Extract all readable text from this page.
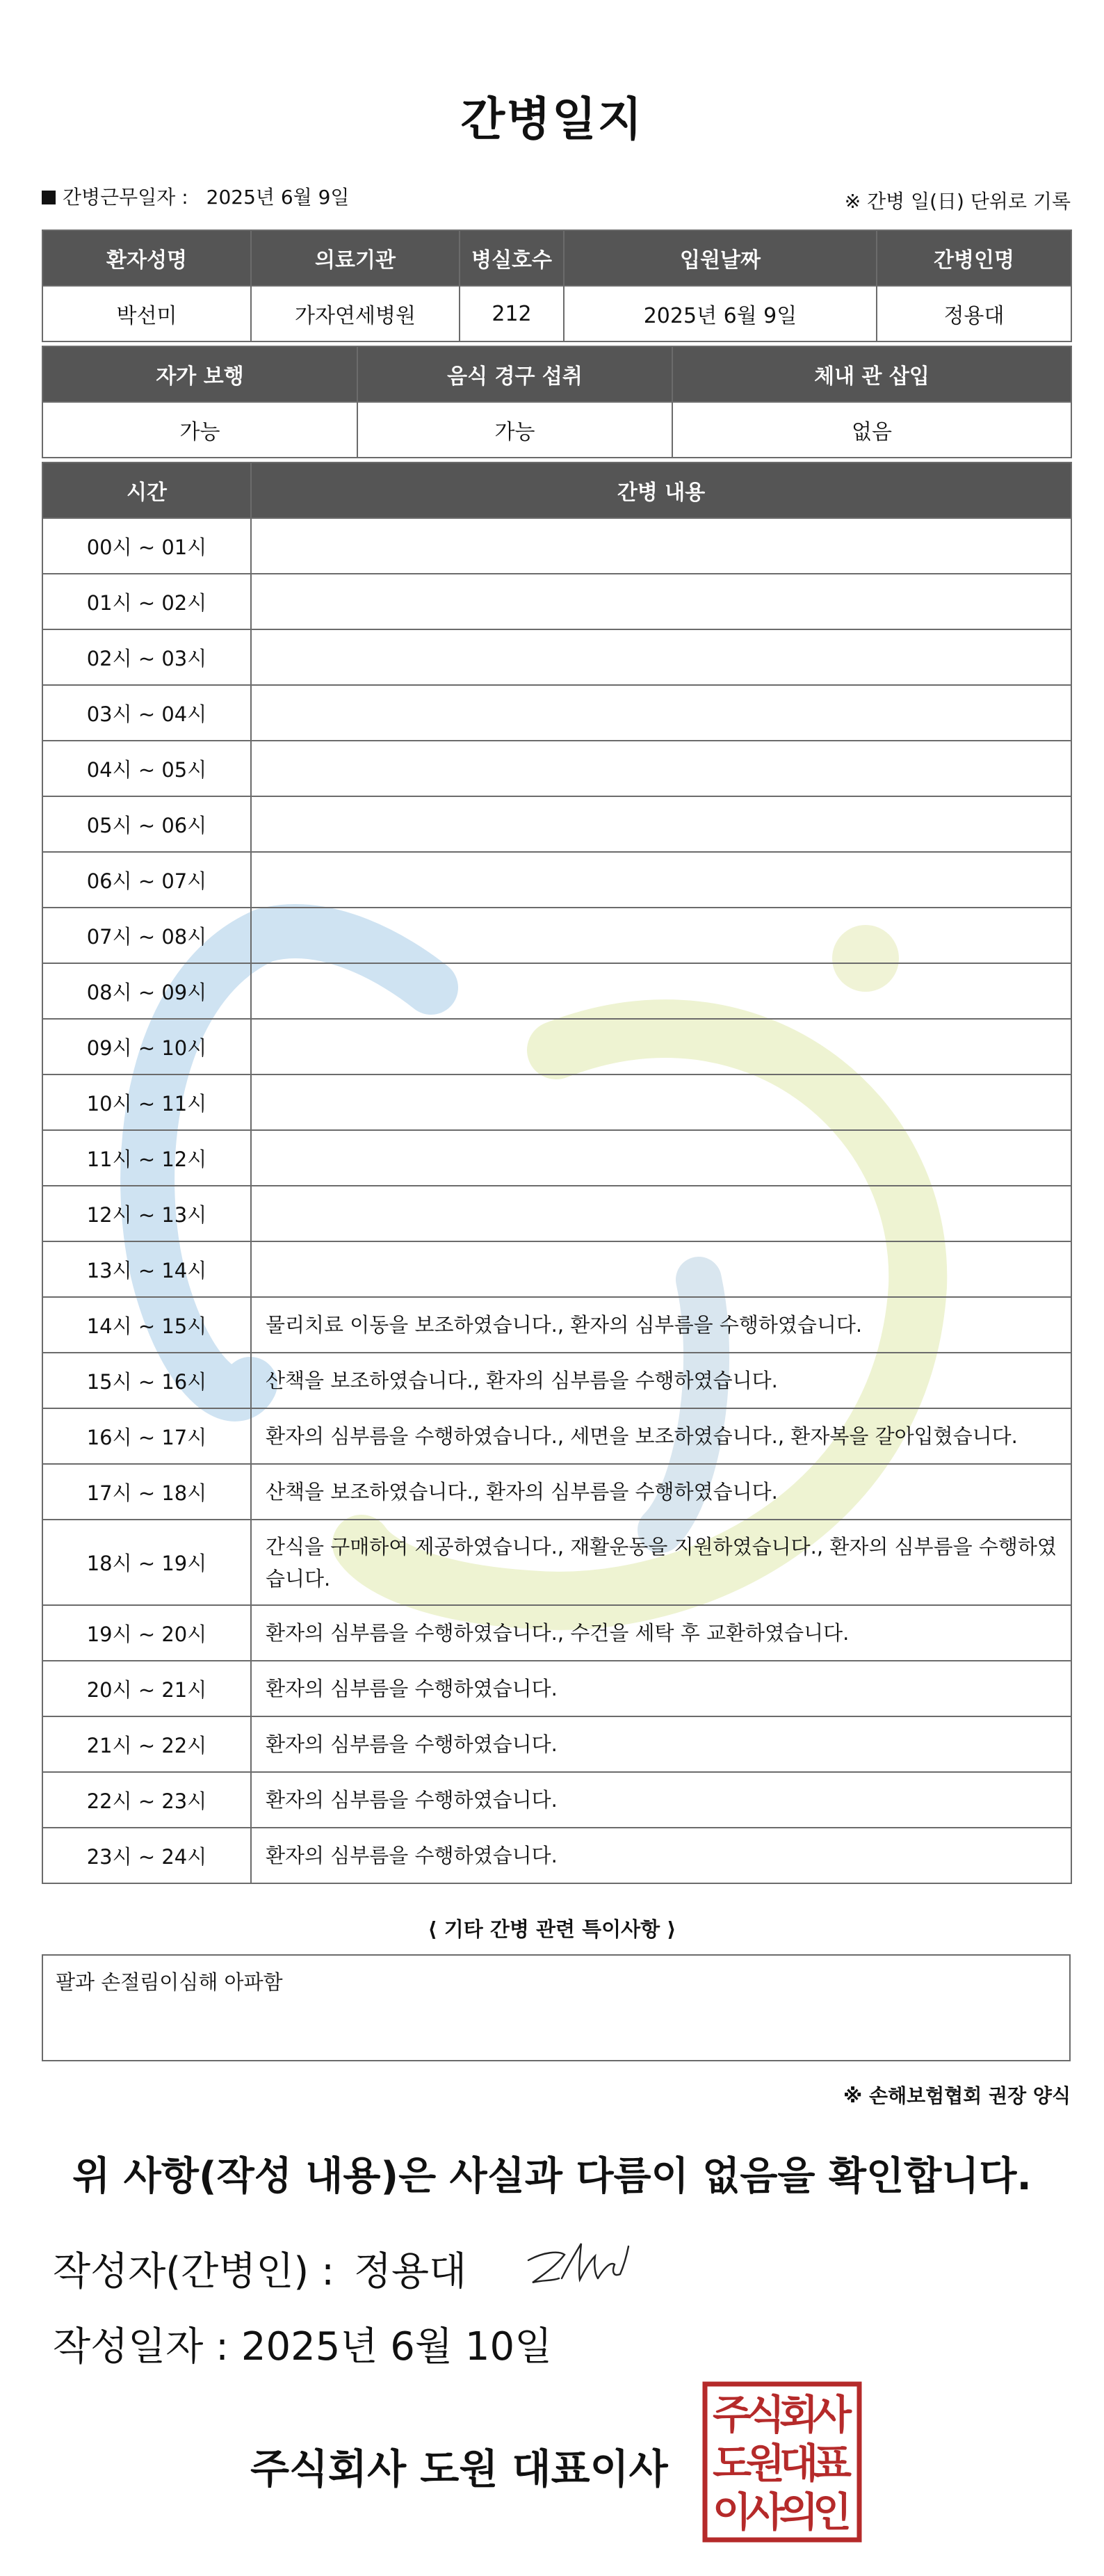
간병일지
간병근무일자 : 2025년 6월 9일	※ 간병 일(日) 단위로 기록
환자성명	의료기관	병실호수	입원날짜	간병인명
박선미	가자연세병원	212	2025년 6월 9일	정용대
자가 보행	음식 경구 섭취	체내 관 삽입
가능	가능	없음
시간	간병 내용
00시 ~ 01시	
01시 ~ 02시	
02시 ~ 03시	
03시 ~ 04시	
04시 ~ 05시	
05시 ~ 06시	
06시 ~ 07시	
07시 ~ 08시	
08시 ~ 09시	
09시 ~ 10시	
10시 ~ 11시	
11시 ~ 12시	
12시 ~ 13시	
13시 ~ 14시	
14시 ~ 15시	물리치료 이동을 보조하였습니다., 환자의 심부름을 수행하였습니다.
15시 ~ 16시	산책을 보조하였습니다., 환자의 심부름을 수행하였습니다.
16시 ~ 17시	환자의 심부름을 수행하였습니다., 세면을 보조하였습니다., 환자복을 갈아입혔습니다.
17시 ~ 18시	산책을 보조하였습니다., 환자의 심부름을 수행하였습니다.
18시 ~ 19시	간식을 구매하여 제공하였습니다., 재활운동을 지원하였습니다., 환자의 심부름을 수행하였습니다.
19시 ~ 20시	환자의 심부름을 수행하였습니다., 수건을 세탁 후 교환하였습니다.
20시 ~ 21시	환자의 심부름을 수행하였습니다.
21시 ~ 22시	환자의 심부름을 수행하였습니다.
22시 ~ 23시	환자의 심부름을 수행하였습니다.
23시 ~ 24시	환자의 심부름을 수행하였습니다.
⟨ 기타 간병 관련 특이사항 ⟩
팔과 손절림이심해 아파함
※ 손해보험협회 권장 양식
위 사항(작성 내용)은 사실과 다름이 없음을 확인합니다.
작성자(간병인) : 정용대
작성일자 : 2025년 6월 10일
주식회사 도원 대표이사
주
식
회
사
도
원
대
표
이
사
의
인
